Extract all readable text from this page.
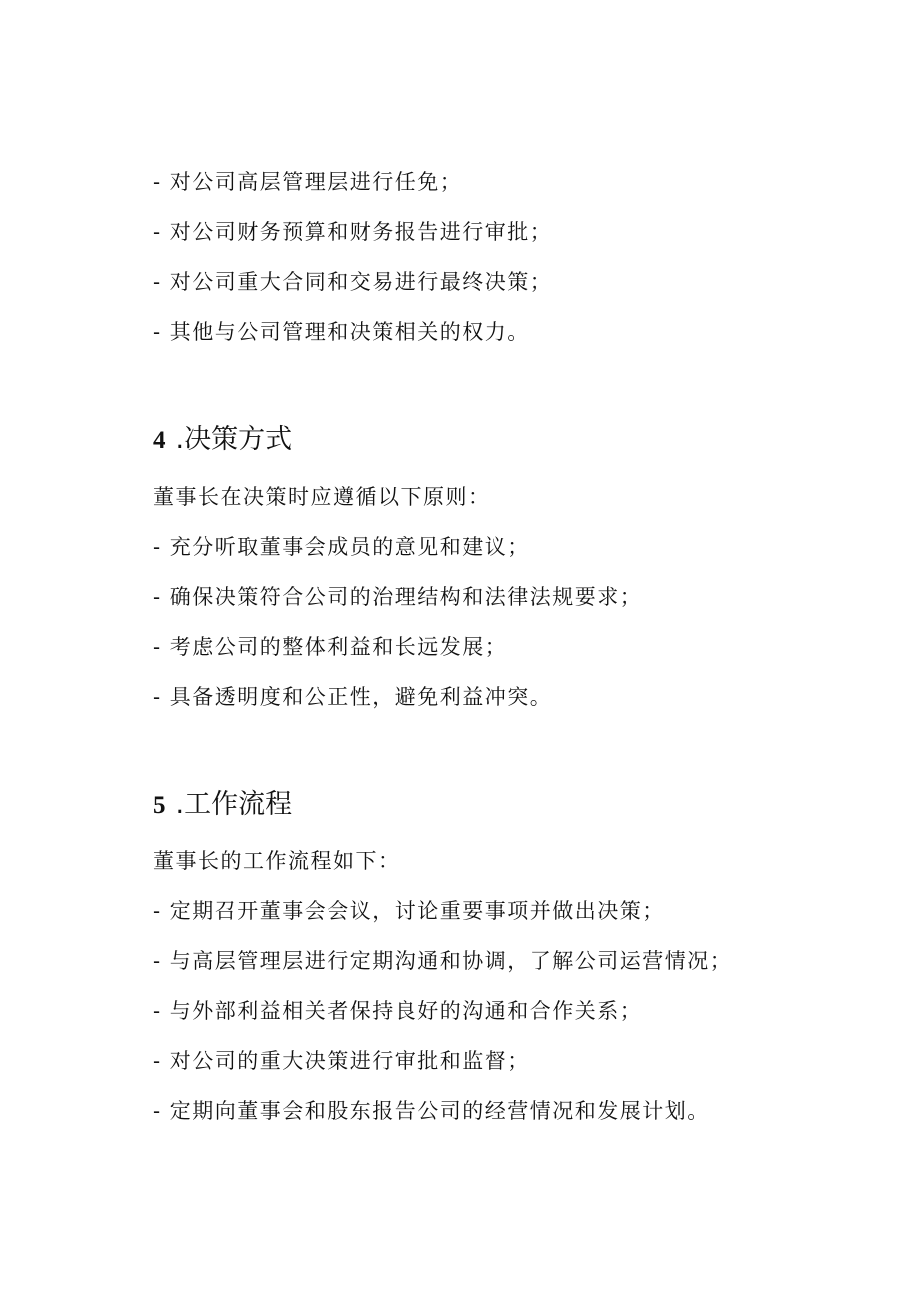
- 对公司高层管理层进行任免；
- 对公司财务预算和财务报告进行审批；
- 对公司重大合同和交易进行最终决策；
- 其他与公司管理和决策相关的权力。
4 .决策方式
董事长在决策时应遵循以下原则：
- 充分听取董事会成员的意见和建议；
- 确保决策符合公司的治理结构和法律法规要求；
- 考虑公司的整体利益和长远发展；
- 具备透明度和公正性，避免利益冲突。
5 .工作流程
董事长的工作流程如下：
- 定期召开董事会会议，讨论重要事项并做出决策；
- 与高层管理层进行定期沟通和协调，了解公司运营情况；
- 与外部利益相关者保持良好的沟通和合作关系；
- 对公司的重大决策进行审批和监督；
- 定期向董事会和股东报告公司的经营情况和发展计划。
